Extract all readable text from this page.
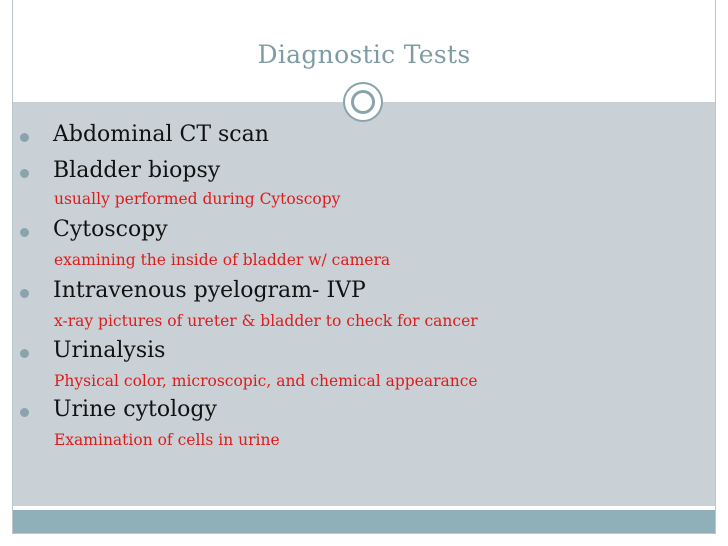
Diagnostic Tests
Abdominal CT scan
Bladder biopsy
usually performed during Cytoscopy
Cytoscopy
examining the inside of bladder w/ camera
Intravenous pyelogram- IVP
x-ray pictures of ureter & bladder to check for cancer
Urinalysis
Physical color, microscopic, and chemical appearance
Urine cytology
Examination of cells in urine
